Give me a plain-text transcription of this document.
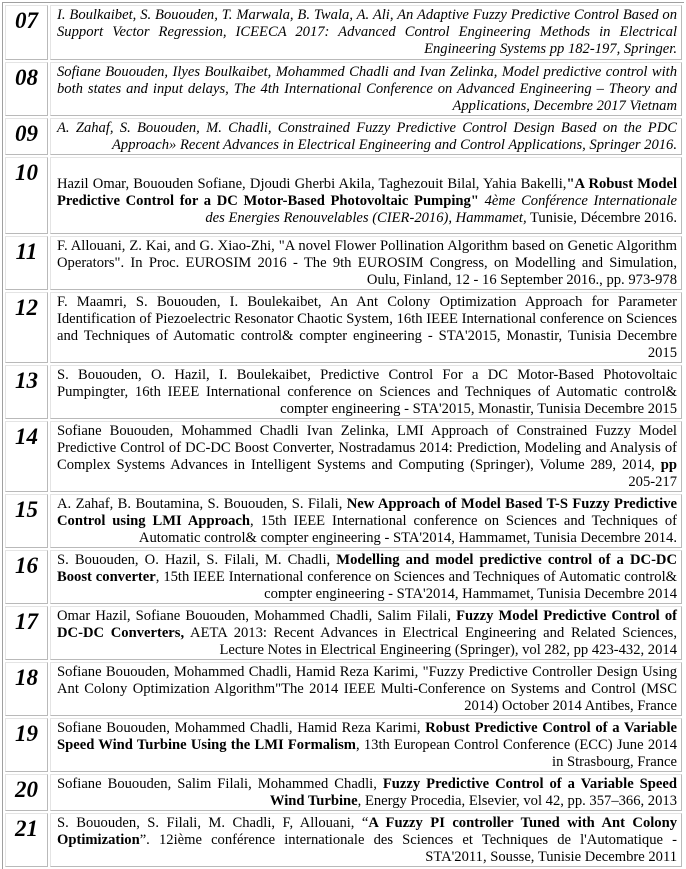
07	I. Boulkaibet, S. Bououden, T. Marwala, B. Twala, A. Ali, An Adaptive Fuzzy Predictive Control Based on Support Vector Regression, ICEECA 2017: Advanced Control Engineering Methods in Electrical Engineering Systems pp 182-197, Springer.
08	Sofiane Bououden, Ilyes Boulkaibet, Mohammed Chadli and Ivan Zelinka, Model predictive control with both states and input delays, The 4th International Conference on Advanced Engineering – Theory and Applications, Decembre 2017 Vietnam
09	A. Zahaf, S. Bououden, M. Chadli, Constrained Fuzzy Predictive Control Design Based on the PDC Approach» Recent Advances in Electrical Engineering and Control Applications, Springer 2016.
10	Hazil Omar, Bououden Sofiane, Djoudi Gherbi Akila, Taghezouit Bilal, Yahia Bakelli,"A Robust Model Predictive Control for a DC Motor-Based Photovoltaic Pumping" 4ème Conférence Internationale des Energies Renouvelables (CIER-2016), Hammamet, Tunisie, Décembre 2016.
11	F. Allouani, Z. Kai, and G. Xiao-Zhi, "A novel Flower Pollination Algorithm based on Genetic Algorithm Operators". In Proc. EUROSIM 2016 - The 9th EUROSIM Congress, on Modelling and Simulation, Oulu, Finland, 12 - 16 September 2016., pp. 973-978
12	F. Maamri, S. Bououden, I. Boulekaibet, An Ant Colony Optimization Approach for Parameter Identification of Piezoelectric Resonator Chaotic System, 16th IEEE International conference on Sciences and Techniques of Automatic control& compter engineering - STA'2015, Monastir, Tunisia Decembre 2015
13	S. Bououden, O. Hazil, I. Boulekaibet, Predictive Control For a DC Motor-Based Photovoltaic Pumpingter, 16th IEEE International conference on Sciences and Techniques of Automatic control& compter engineering - STA'2015, Monastir, Tunisia Decembre 2015
14	Sofiane Bououden, Mohammed Chadli Ivan Zelinka, LMI Approach of Constrained Fuzzy Model Predictive Control of DC-DC Boost Converter, Nostradamus 2014: Prediction, Modeling and Analysis of Complex Systems Advances in Intelligent Systems and Computing (Springer), Volume 289, 2014, pp 205-217
15	A. Zahaf, B. Boutamina, S. Bououden, S. Filali, New Approach of Model Based T-S Fuzzy Predictive Control using LMI Approach, 15th IEEE International conference on Sciences and Techniques of Automatic control& compter engineering - STA'2014, Hammamet, Tunisia Decembre 2014.
16	S. Bououden, O. Hazil, S. Filali, M. Chadli, Modelling and model predictive control of a DC-DC Boost converter, 15th IEEE International conference on Sciences and Techniques of Automatic control& compter engineering - STA'2014, Hammamet, Tunisia Decembre 2014
17	Omar Hazil, Sofiane Bououden, Mohammed Chadli, Salim Filali, Fuzzy Model Predictive Control of DC-DC Converters, AETA 2013: Recent Advances in Electrical Engineering and Related Sciences, Lecture Notes in Electrical Engineering (Springer), vol 282, pp 423-432, 2014
18	Sofiane Bououden, Mohammed Chadli, Hamid Reza Karimi, "Fuzzy Predictive Controller Design Using Ant Colony Optimization Algorithm"The 2014 IEEE Multi-Conference on Systems and Control (MSC 2014) October 2014 Antibes, France
19	Sofiane Bououden, Mohammed Chadli, Hamid Reza Karimi, Robust Predictive Control of a Variable Speed Wind Turbine Using the LMI Formalism, 13th European Control Conference (ECC) June 2014 in Strasbourg, France
20	Sofiane Bououden, Salim Filali, Mohammed Chadli, Fuzzy Predictive Control of a Variable Speed Wind Turbine, Energy Procedia, Elsevier, vol 42, pp. 357–366, 2013
21	S. Bououden, S. Filali, M. Chadli, F, Allouani, “A Fuzzy PI controller Tuned with Ant Colony Optimization”. 12ième conférence internationale des Sciences et Techniques de l'Automatique - STA'2011, Sousse, Tunisie Decembre 2011
